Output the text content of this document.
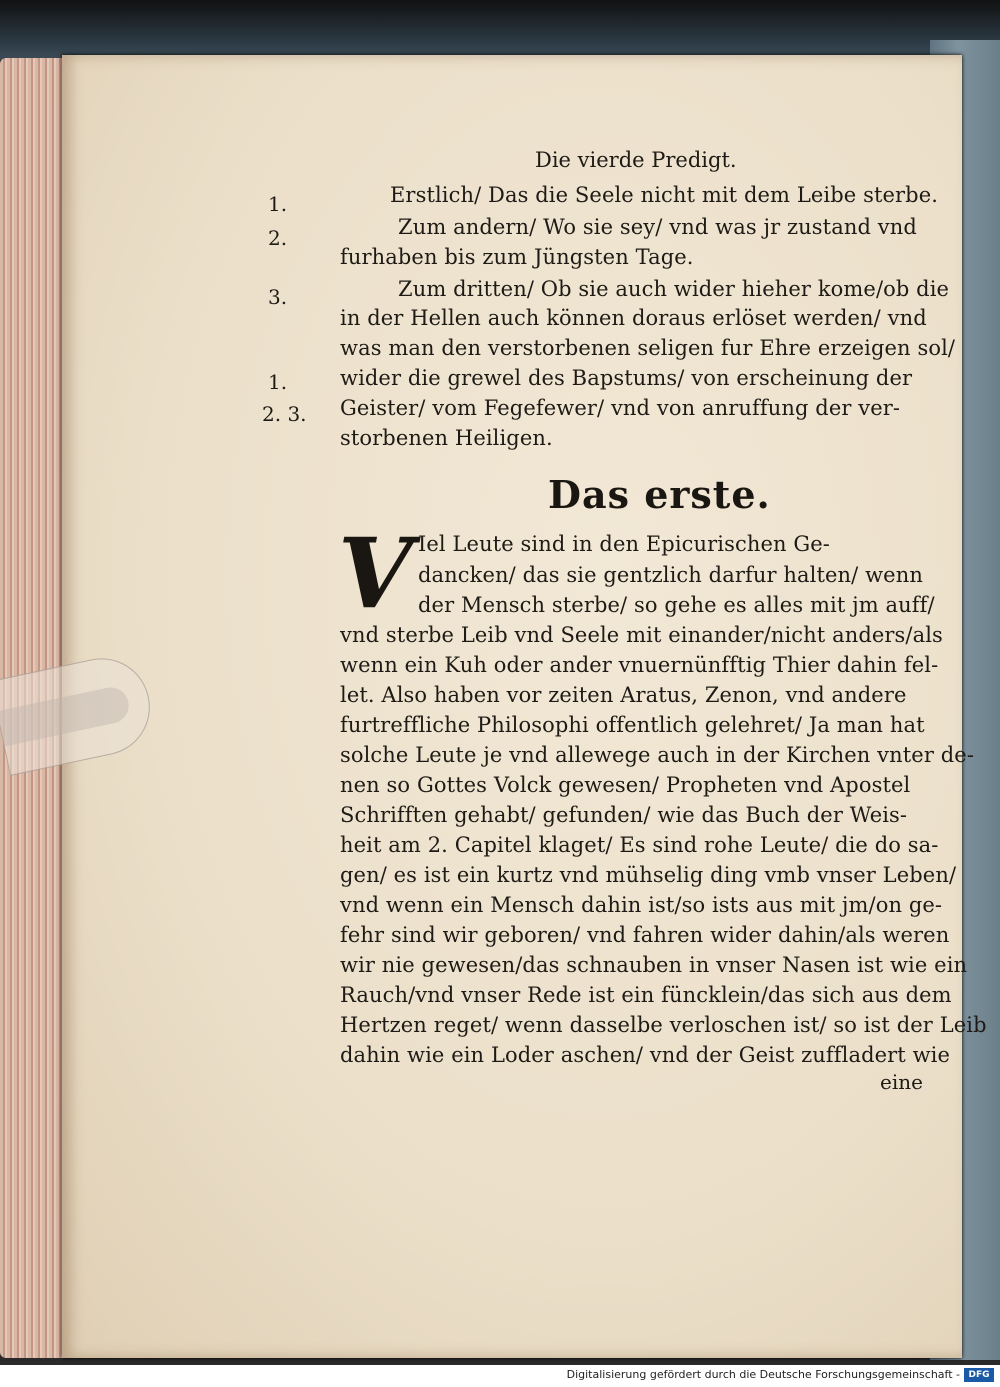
Die vierde Predigt.
1.
2.
3.
1.
2. 3.
Erstlich/ Das die Seele nicht mit dem Leibe sterbe.
Zum andern/ Wo sie sey/ vnd was jr zustand vnd
furhaben bis zum Jüngsten Tage.
Zum dritten/ Ob sie auch wider hieher kome/ob die
in der Hellen auch können doraus erlöset werden/ vnd
was man den verstorbenen seligen fur Ehre erzeigen sol/
wider die grewel des Bapstums/ von erscheinung der
Geister/ vom Fegefewer/ vnd von anruffung der ver-
storbenen Heiligen.
Das erste.
V Iel Leute sind in den Epicurischen Ge-
dancken/ das sie gentzlich darfur halten/ wenn
der Mensch sterbe/ so gehe es alles mit jm auff/
vnd sterbe Leib vnd Seele mit einander/nicht anders/als
wenn ein Kuh oder ander vnuernünfftig Thier dahin fel-
let. Also haben vor zeiten Aratus, Zenon, vnd andere
furtreffliche Philosophi offentlich gelehret/ Ja man hat
solche Leute je vnd allewege auch in der Kirchen vnter de-
nen so Gottes Volck gewesen/ Propheten vnd Apostel
Schrifften gehabt/ gefunden/ wie das Buch der Weis-
heit am 2. Capitel klaget/ Es sind rohe Leute/ die do sa-
gen/ es ist ein kurtz vnd mühselig ding vmb vnser Leben/
vnd wenn ein Mensch dahin ist/so ists aus mit jm/on ge-
fehr sind wir geboren/ vnd fahren wider dahin/als weren
wir nie gewesen/das schnauben in vnser Nasen ist wie ein
Rauch/vnd vnser Rede ist ein füncklein/das sich aus dem
Hertzen reget/ wenn dasselbe verloschen ist/ so ist der Leib
dahin wie ein Loder aschen/ vnd der Geist zuffladert wie
eine
Digitalisierung gefördert durch die Deutsche Forschungsgemeinschaft - DFG
